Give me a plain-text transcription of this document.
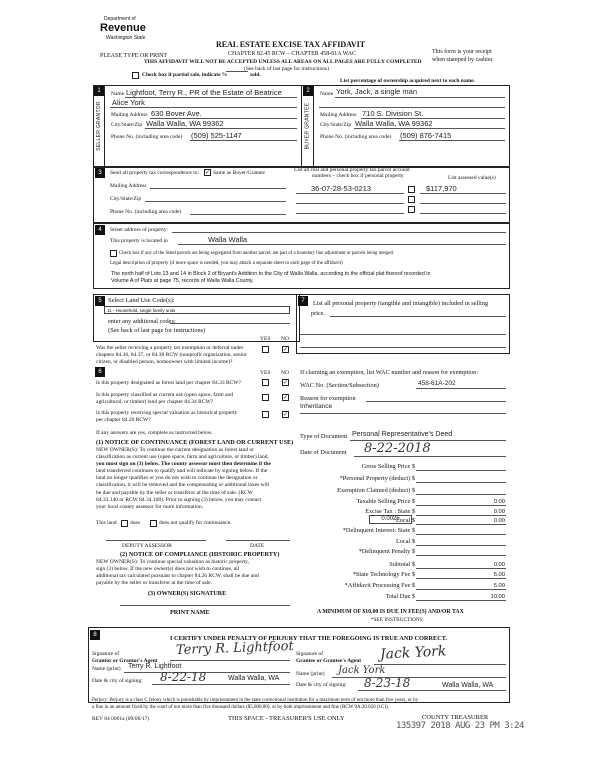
Department of
Revenue
Washington State
PLEASE TYPE OR PRINT
REAL ESTATE EXCISE TAX AFFIDAVIT
CHAPTER 82.45 RCW – CHAPTER 458-61A WAC
THIS AFFIDAVIT WILL NOT BE ACCEPTED UNLESS ALL AREAS ON ALL PAGES ARE FULLY COMPLETED
(See back of last page for instructions)
This form is your receipt
when stamped by cashier.
Check box if partial sale, indicate %	sold.
List percentage of ownership acquired next to each name.
SELLER GRANTOR
1
BUYER GRANTEE
2
Name Lightfoot, Terry R., PR of the Estate of Beatrice
Alice York
Mailing Address 630 Bover Ave.
City/State/Zip Walla Walla, WA 99362
Phone No. (including area code) (509) 525-1147
Name York, Jack, a single man
Mailing Address 710 S. Division St.
City/State/Zip Walla Walla, WA 99362
Phone No. (including area code) (509) 876-7415
3	Send all property tax correspondence to: ✓ Same as Buyer/Grantee
Mailing Address
City/State/Zip
Phone No. (including area code)
List all real and personal property tax parcel account
numbers – check box if personal property	List assessed value(s)
36-07-28-53-0213	$117,970
4	Street address of property:
This property is located in	Walla Walla
Check box if any of the listed parcels are being segregated from another parcel, are part of a boundary line adjustment or parcels being merged.
Legal description of property (if more space is needed, you may attach a separate sheet to each page of the affidavit)
The north half of Lots 13 and 14 in Block 2 of Bryant's Addition to the City of Walla Walla, according to the official plat thereof recorded in
Volume A of Plats at page 75, records of Walla Walla County.
5 Select Land Use Code(s):
11 - Household, single family units
enter any additional codes:
(See back of last page for instructions)
YES NO
Was the seller receiving a property tax exemption or deferral under
chapters 84.36, 84.37, or 84.38 RCW (nonprofit organization, senior
citizen, or disabled person, homeowner with limited income)?
✓
6	YES NO
Is this property designated as forest land per chapter 84.33 RCW?	✓
Is this property classified as current use (open space, farm and
agricultural, or timber) land per chapter 84.34 RCW?
✓
Is this property receiving special valuation as historical property
per chapter 84.26 RCW?
✓
If any answers are yes, complete as instructed below.
(1) NOTICE OF CONTINUANCE (FOREST LAND OR CURRENT USE)
NEW OWNER(S): To continue the current designation as forest land or
classification as current use (open space, farm and agriculture, or timber) land,
you must sign on (3) below. The county assessor must then determine if the
land transferred continues to qualify and will indicate by signing below. If the
land no longer qualifies or you do not wish to continue the designation or
classification, it will be removed and the compensating or additional taxes will
be due and payable by the seller or transferor at the time of sale. (RCW
84.33.140 or RCW 84.34.108). Prior to signing (3) below, you may contact
your local county assessor for more information.
This land does	does not qualify for continuance.
DEPUTY ASSESSOR	DATE
(2) NOTICE OF COMPLIANCE (HISTORIC PROPERTY)
NEW OWNER(S): To continue special valuation as historic property,
sign (3) below. If the new owner(s) does not wish to continue, all
additional tax calculated pursuant to chapter 84.26 RCW, shall be due and
payable by the seller or transferor at the time of sale.
(3) OWNER(S) SIGNATURE
PRINT NAME
7	List all personal property (tangible and intangible) included in selling
price.
If claiming an exemption, list WAC number and reason for exemption:
WAC No. (Section/Subsection)	458-61A-202
Reason for exemption
Inheritance
Type of Document Personal Representative's Deed
Date of Document 8-22-2018
Gross Selling Price $
*Personal Property (deduct) $
Exemption Claimed (deduct) $
Taxable Selling Price $	0.00
Excise Tax : State $	0.00
Local $	0.00
*Delinquent Interest: State $
Local $
*Delinquent Penalty $
Subtotal $	0.00
*State Technology Fee $	5.00
*Affidavit Processing Fee $	5.00
Total Due $	10.00
0.0025
A MINIMUM OF $10.00 IS DUE IN FEE(S) AND/OR TAX
*SEE INSTRUCTIONS
8	I CERTIFY UNDER PENALTY OF PERJURY THAT THE FOREGOING IS TRUE AND CORRECT.
Signature of
Grantor or Grantor's Agent
Terry R. Lightfoot Signature of
Grantee or Grantee's Agent Jack York
Name (print) Terry R. Lightfoot
Name (print) Jack York
Date & city of signing: 8-22-18	Walla Walla, WA
Date & city of signing: 8-23-18	Walla Walla, WA
Perjury: Perjury is a class C felony which is punishable by imprisonment in the state correctional institution for a maximum term of not more than five years, or by
a fine in an amount fixed by the court of not more than five thousand dollars ($5,000.00), or by both imprisonment and fine (RCW 9A.20.020 (1C)).
REV 84 0001a (09/06/17)	THIS SPACE - TREASURER'S USE ONLY	COUNTY TREASURER
135397 2018 AUG 23 PM 3:24
